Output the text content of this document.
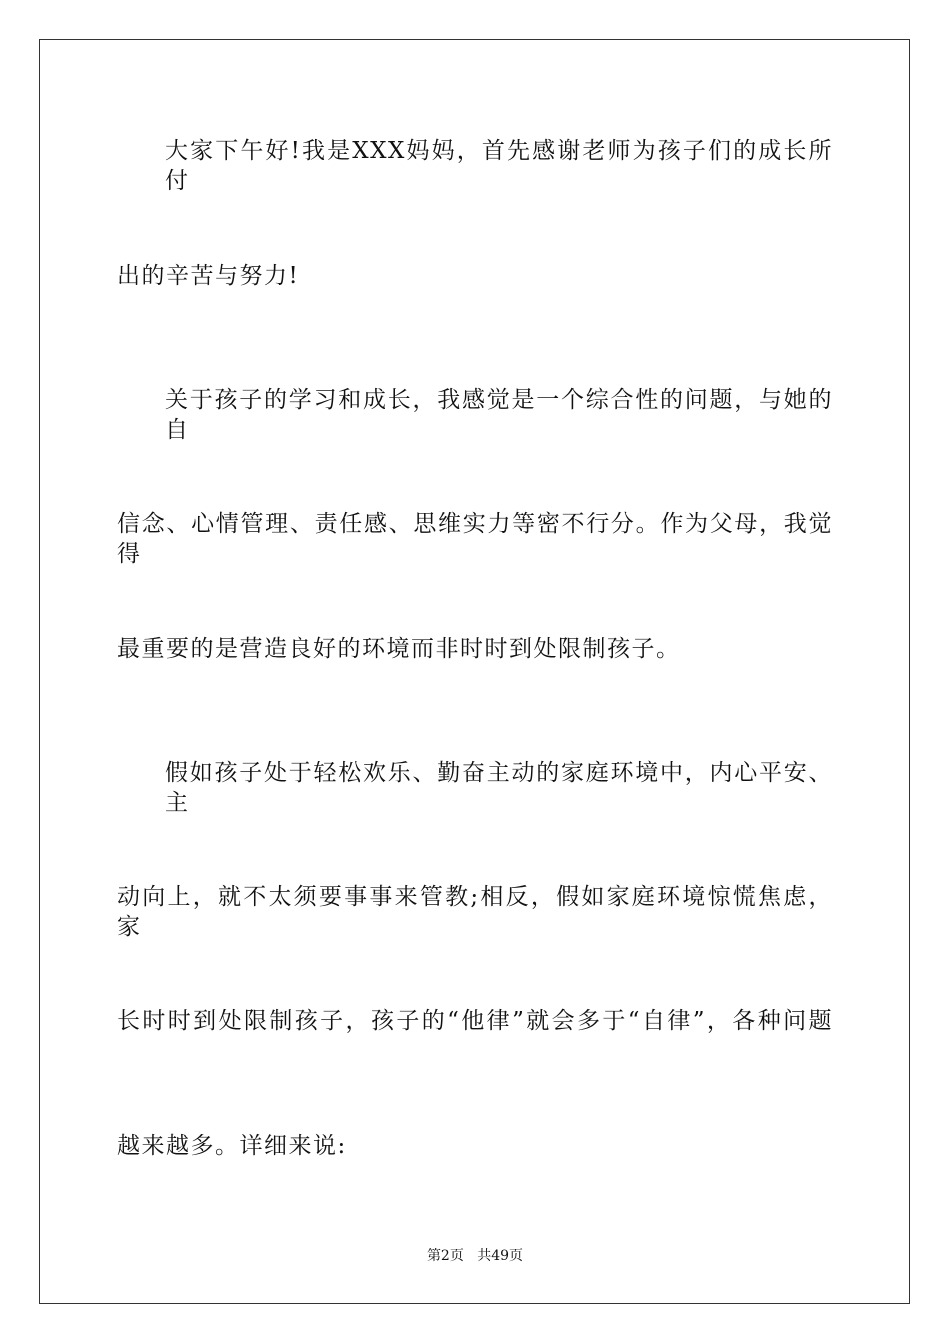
大家下午好!我是XXX妈妈，首先感谢老师为孩子们的成长所付
出的辛苦与努力!
关于孩子的学习和成长，我感觉是一个综合性的问题，与她的自
信念、心情管理、责任感、思维实力等密不行分。作为父母，我觉得
最重要的是营造良好的环境而非时时到处限制孩子。
假如孩子处于轻松欢乐、勤奋主动的家庭环境中，内心平安、主
动向上，就不太须要事事来管教;相反，假如家庭环境惊慌焦虑，家
长时时到处限制孩子，孩子的“他律”就会多于“自律”，各种问题
越来越多。详细来说:
第2页 共49页
